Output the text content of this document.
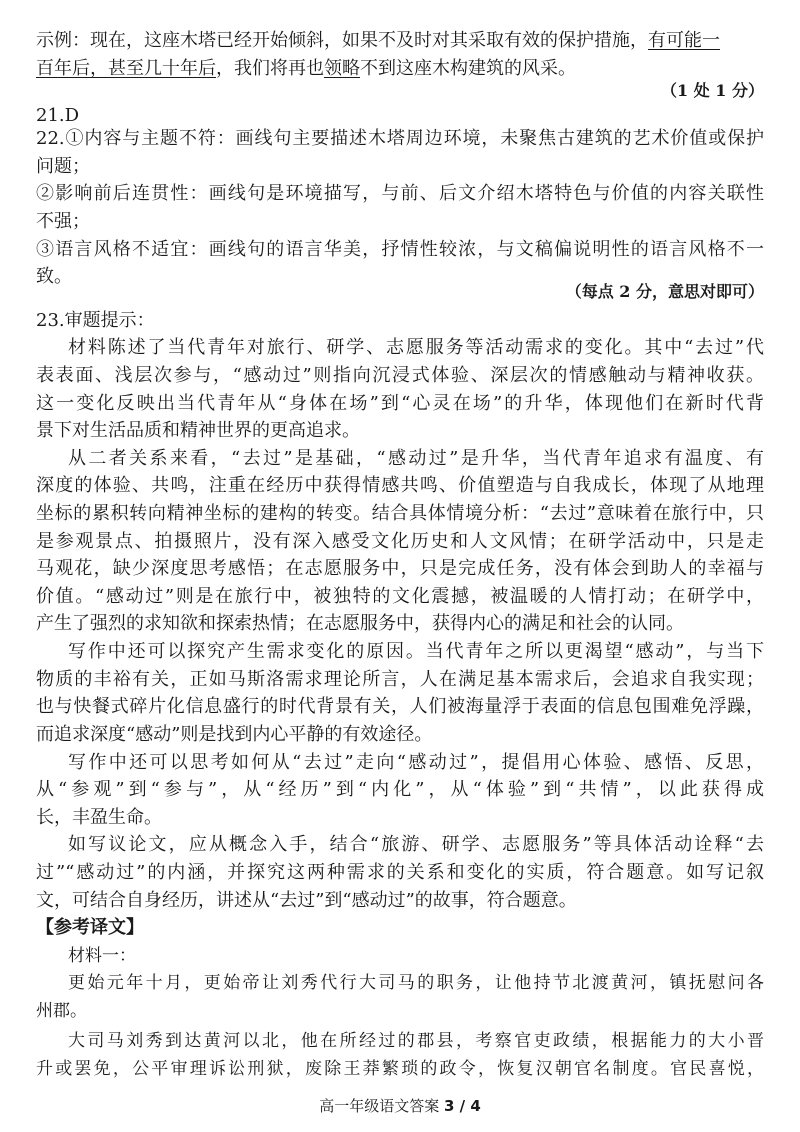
示例：现在，这座木塔已经开始倾斜，如果不及时对其采取有效的保护措施，有可能一
百年后，甚至几十年后，我们将再也领略不到这座木构建筑的风采。
（1 处 1 分）
21.D
22.①内容与主题不符：画线句主要描述木塔周边环境，未聚焦古建筑的艺术价值或保护
问题；
②影响前后连贯性：画线句是环境描写，与前、后文介绍木塔特色与价值的内容关联性
不强；
③语言风格不适宜：画线句的语言华美，抒情性较浓，与文稿偏说明性的语言风格不一
致。
（每点 2 分，意思对即可）
23.审题提示：
材料陈述了当代青年对旅行、研学、志愿服务等活动需求的变化。其中“去过”代
表表面、浅层次参与，“感动过”则指向沉浸式体验、深层次的情感触动与精神收获。
这一变化反映出当代青年从“身体在场”到“心灵在场”的升华，体现他们在新时代背
景下对生活品质和精神世界的更高追求。
从二者关系来看，“去过”是基础，“感动过”是升华，当代青年追求有温度、有
深度的体验、共鸣，注重在经历中获得情感共鸣、价值塑造与自我成长，体现了从地理
坐标的累积转向精神坐标的建构的转变。结合具体情境分析：“去过”意味着在旅行中，只
是参观景点、拍摄照片，没有深入感受文化历史和人文风情；在研学活动中，只是走
马观花，缺少深度思考感悟；在志愿服务中，只是完成任务，没有体会到助人的幸福与
价值。“感动过”则是在旅行中，被独特的文化震撼，被温暖的人情打动；在研学中，
产生了强烈的求知欲和探索热情；在志愿服务中，获得内心的满足和社会的认同。
写作中还可以探究产生需求变化的原因。当代青年之所以更渴望“感动”，与当下
物质的丰裕有关，正如马斯洛需求理论所言，人在满足基本需求后，会追求自我实现；
也与快餐式碎片化信息盛行的时代背景有关，人们被海量浮于表面的信息包围难免浮躁，
而追求深度“感动”则是找到内心平静的有效途径。
写作中还可以思考如何从“去过”走向“感动过”，提倡用心体验、感悟、反思，
从“参观”到“参与”，从“经历”到“内化”，从“体验”到“共情”，以此获得成
长，丰盈生命。
如写议论文，应从概念入手，结合“旅游、研学、志愿服务”等具体活动诠释“去
过”“感动过”的内涵，并探究这两种需求的关系和变化的实质，符合题意。如写记叙
文，可结合自身经历，讲述从“去过”到“感动过”的故事，符合题意。
【参考译文】
材料一：
更始元年十月，更始帝让刘秀代行大司马的职务，让他持节北渡黄河，镇抚慰问各
州郡。
大司马刘秀到达黄河以北，他在所经过的郡县，考察官吏政绩，根据能力的大小晋
升或罢免，公平审理诉讼刑狱，废除王莽繁琐的政令，恢复汉朝官名制度。官民喜悦，
高一年级语文答案 3 / 4
